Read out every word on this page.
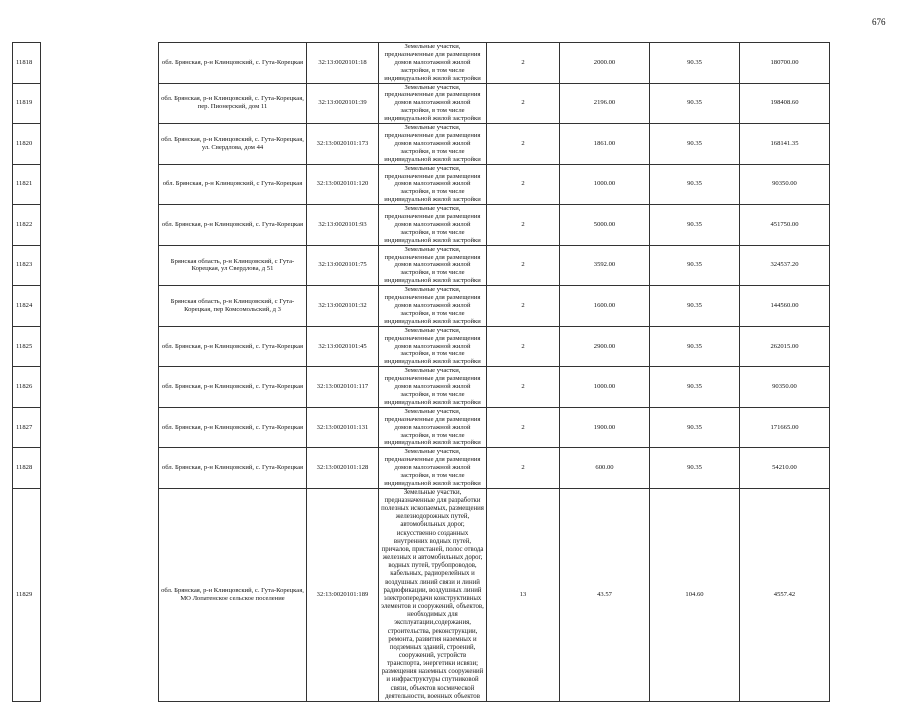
676
11818		обл. Брянская, р-н Клинцовский, с. Гута-Корецкая	32:13:0020101:18	Земельные участки, предназначенные для размещения домов малоэтажной жилой застройки, в том числе индивидуальной жилой застройки	2	2000.00	90.35	180700.00
11819		обл. Брянская, р-н Клинцовский, с. Гута-Корецкая, пер. Пионерский, дом 11	32:13:0020101:39	Земельные участки, предназначенные для размещения домов малоэтажной жилой застройки, в том числе индивидуальной жилой застройки	2	2196.00	90.35	198408.60
11820		обл. Брянская, р-н Клинцовский, с. Гута-Корецкая, ул. Свердлова, дом 44	32:13:0020101:173	Земельные участки, предназначенные для размещения домов малоэтажной жилой застройки, в том числе индивидуальной жилой застройки	2	1861.00	90.35	168141.35
11821		обл. Брянская, р-н Клинцовский, с Гута-Корецкая	32:13:0020101:120	Земельные участки, предназначенные для размещения домов малоэтажной жилой застройки, в том числе индивидуальной жилой застройки	2	1000.00	90.35	90350.00
11822		обл. Брянская, р-н Клинцовский, с. Гута-Корецкая	32:13:0020101:93	Земельные участки, предназначенные для размещения домов малоэтажной жилой застройки, в том числе индивидуальной жилой застройки	2	5000.00	90.35	451750.00
11823		Брянская область, р-н Клинцовский, с Гута-Корецкая, ул Свердлова, д 51	32:13:0020101:75	Земельные участки, предназначенные для размещения домов малоэтажной жилой застройки, в том числе индивидуальной жилой застройки	2	3592.00	90.35	324537.20
11824		Брянская область, р-н Клинцовский, с Гута-Корецкая, пер Комсомольский, д 3	32:13:0020101:32	Земельные участки, предназначенные для размещения домов малоэтажной жилой застройки, в том числе индивидуальной жилой застройки	2	1600.00	90.35	144560.00
11825		обл. Брянская, р-н Клинцовский, с. Гута-Корецкая	32:13:0020101:45	Земельные участки, предназначенные для размещения домов малоэтажной жилой застройки, в том числе индивидуальной жилой застройки	2	2900.00	90.35	262015.00
11826		обл. Брянская, р-н Клинцовский, с. Гута-Корецкая	32:13:0020101:117	Земельные участки, предназначенные для размещения домов малоэтажной жилой застройки, в том числе индивидуальной жилой застройки	2	1000.00	90.35	90350.00
11827		обл. Брянская, р-н Клинцовский, с. Гута-Корецкая	32:13:0020101:131	Земельные участки, предназначенные для размещения домов малоэтажной жилой застройки, в том числе индивидуальной жилой застройки	2	1900.00	90.35	171665.00
11828		обл. Брянская, р-н Клинцовский, с. Гута-Корецкая	32:13:0020101:128	Земельные участки, предназначенные для размещения домов малоэтажной жилой застройки, в том числе индивидуальной жилой застройки	2	600.00	90.35	54210.00
11829		обл. Брянская, р-н Клинцовский, с. Гута-Корецкая, МО Лопатенское сельское поселение	32:13:0020101:189	Земельные участки, предназначенные для разработки полезных ископаемых, размещения железнодорожных путей, автомобильных дорог, искусственно созданных внутренних водных путей, причалов, пристаней, полос отвода железных и автомобильных дорог, водных путей, трубопроводов, кабельных, радиорелейных и воздушных линий связи и линий радиофикации, воздушных линий электропередачи конструктивных элементов и сооружений, объектов, необходимых для эксплуатации,содержания, строительства, реконструкции, ремонта, развития наземных и подземных зданий, строений, сооружений, устройств транспорта, энергетики исвязи; размещения наземных сооружений и инфраструктуры спутниковой связи, объектов космической деятельности, военных объектов	13	43.57	104.60	4557.42
